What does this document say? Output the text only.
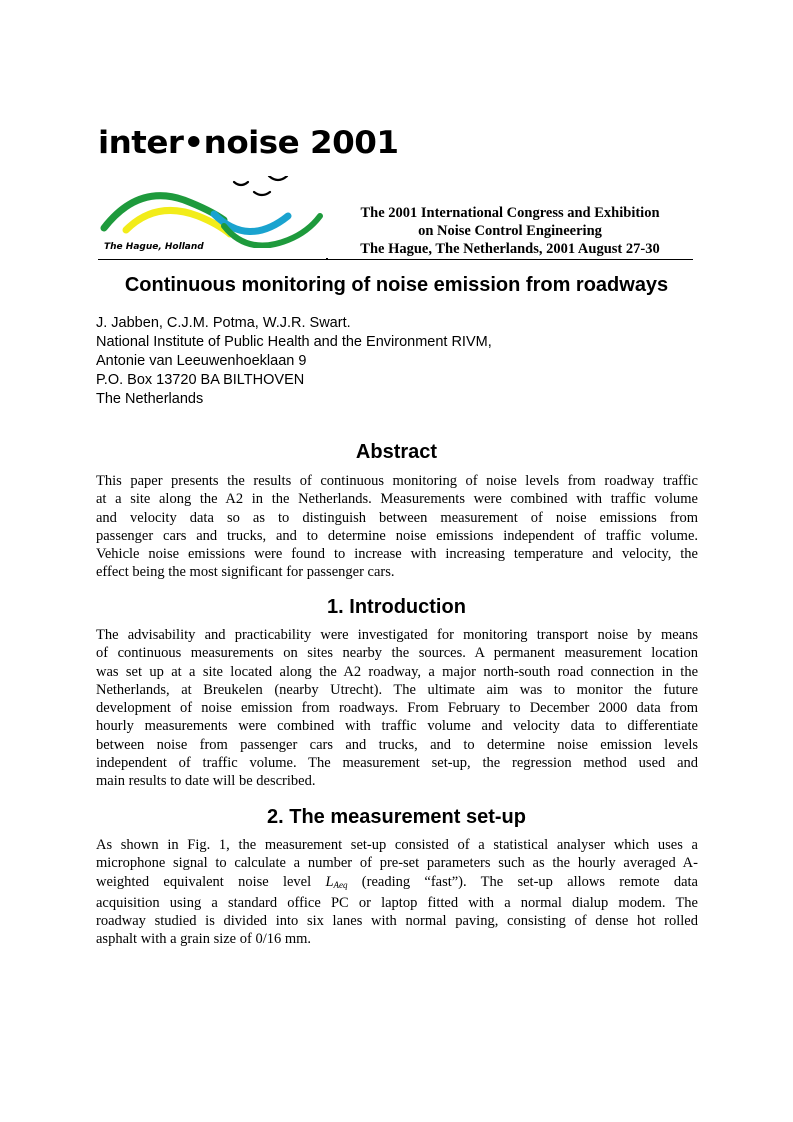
inter•noise 2001
The Hague, Holland
The 2001 International Congress and Exhibition
on Noise Control Engineering
The Hague, The Netherlands, 2001 August 27-30
Continuous monitoring of noise emission from roadways
J. Jabben, C.J.M. Potma, W.J.R. Swart.
National Institute of Public Health and the Environment RIVM,
Antonie van Leeuwenhoeklaan 9
P.O. Box 13720 BA BILTHOVEN
The Netherlands
Abstract
This paper presents the results of continuous monitoring of noise levels from roadway traffic
at a site along the A2 in the Netherlands. Measurements were combined with traffic volume
and velocity data so as to distinguish between measurement of noise emissions from
passenger cars and trucks, and to determine noise emissions independent of traffic volume.
Vehicle noise emissions were found to increase with increasing temperature and velocity, the
effect being the most significant for passenger cars.
1. Introduction
The advisability and practicability were investigated for monitoring transport noise by means
of continuous measurements on sites nearby the sources. A permanent measurement location
was set up at a site located along the A2 roadway, a major north-south road connection in the
Netherlands, at Breukelen (nearby Utrecht). The ultimate aim was to monitor the future
development of noise emission from roadways. From February to December 2000 data from
hourly measurements were combined with traffic volume and velocity data to differentiate
between noise from passenger cars and trucks, and to determine noise emission levels
independent of traffic volume. The measurement set-up, the regression method used and
main results to date will be described.
2. The measurement set-up
As shown in Fig. 1, the measurement set-up consisted of a statistical analyser which uses a
microphone signal to calculate a number of pre-set parameters such as the hourly averaged A-
weighted equivalent noise level $L_{Aeq}$ (reading “fast”). The set-up allows remote data
acquisition using a standard office PC or laptop fitted with a normal dialup modem. The
roadway studied is divided into six lanes with normal paving, consisting of dense hot rolled
asphalt with a grain size of 0/16 mm.
